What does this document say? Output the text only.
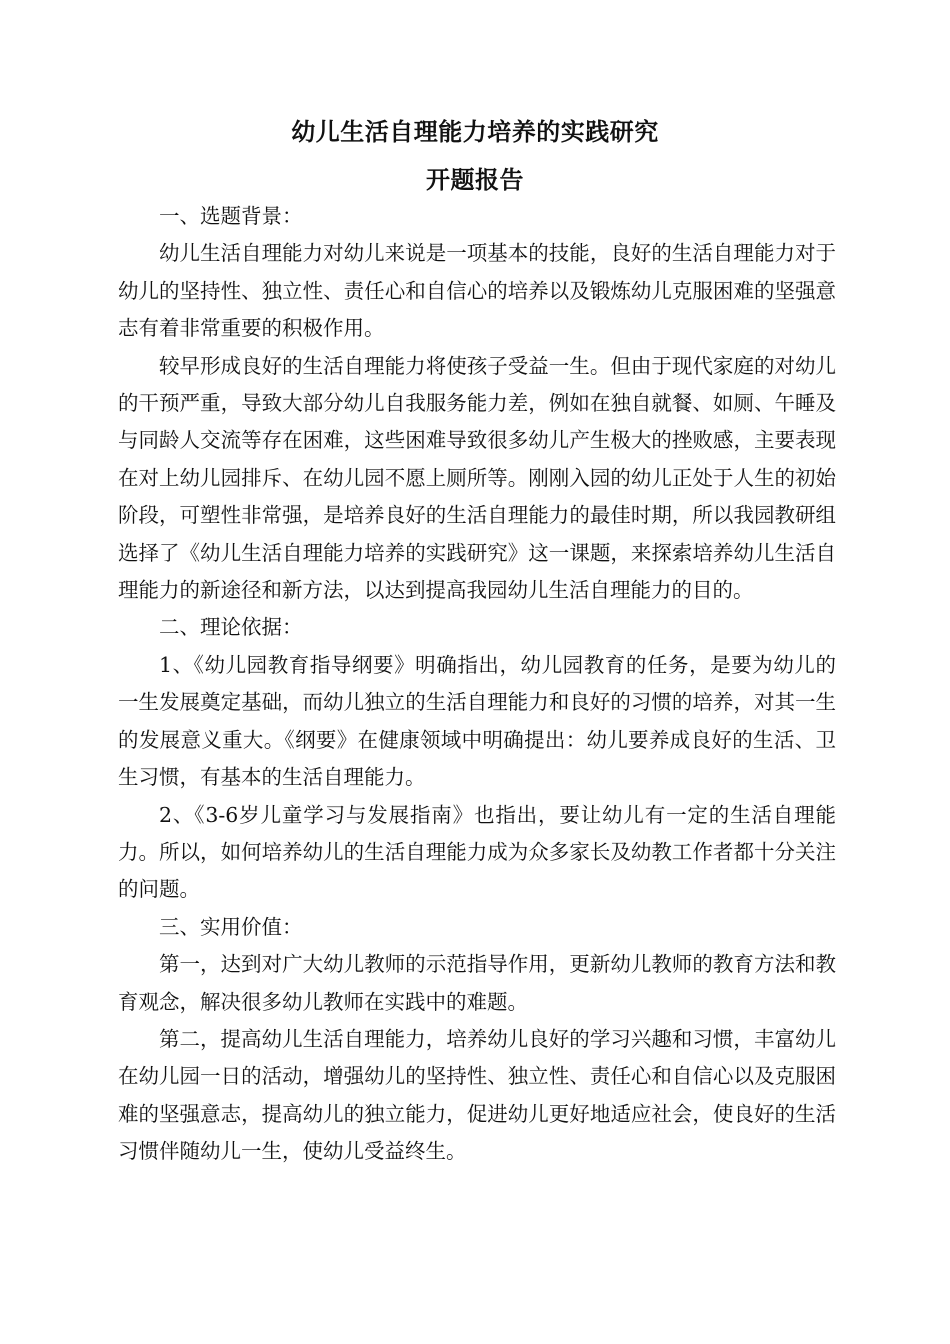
幼儿生活自理能力培养的实践研究
开题报告

一、选题背景：

幼儿生活自理能力对幼儿来说是一项基本的技能，良好的生活自理能力对于幼儿的坚持性、独立性、责任心和自信心的培养以及锻炼幼儿克服困难的坚强意志有着非常重要的积极作用。

较早形成良好的生活自理能力将使孩子受益一生。但由于现代家庭的对幼儿的干预严重，导致大部分幼儿自我服务能力差，例如在独自就餐、如厕、午睡及与同龄人交流等存在困难，这些困难导致很多幼儿产生极大的挫败感，主要表现在对上幼儿园排斥、在幼儿园不愿上厕所等。刚刚入园的幼儿正处于人生的初始阶段，可塑性非常强，是培养良好的生活自理能力的最佳时期，所以我园教研组选择了《幼儿生活自理能力培养的实践研究》这一课题，来探索培养幼儿生活自理能力的新途径和新方法，以达到提高我园幼儿生活自理能力的目的。

二、理论依据：

1、《幼儿园教育指导纲要》明确指出，幼儿园教育的任务，是要为幼儿的一生发展奠定基础，而幼儿独立的生活自理能力和良好的习惯的培养，对其一生的发展意义重大。《纲要》在健康领域中明确提出：幼儿要养成良好的生活、卫生习惯，有基本的生活自理能力。

2、《3-6岁儿童学习与发展指南》也指出，要让幼儿有一定的生活自理能力。所以，如何培养幼儿的生活自理能力成为众多家长及幼教工作者都十分关注的问题。

三、实用价值：

第一，达到对广大幼儿教师的示范指导作用，更新幼儿教师的教育方法和教育观念，解决很多幼儿教师在实践中的难题。

第二，提高幼儿生活自理能力，培养幼儿良好的学习兴趣和习惯，丰富幼儿在幼儿园一日的活动，增强幼儿的坚持性、独立性、责任心和自信心以及克服困难的坚强意志，提高幼儿的独立能力，促进幼儿更好地适应社会，使良好的生活习惯伴随幼儿一生，使幼儿受益终生。
